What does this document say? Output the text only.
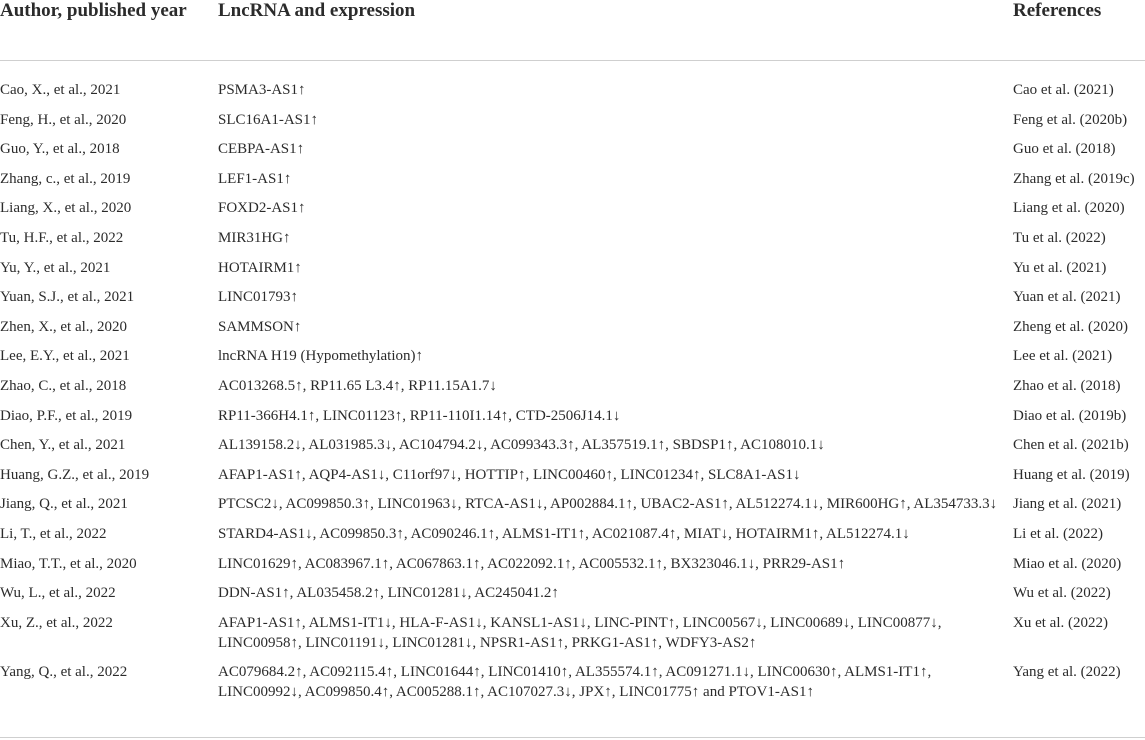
Author, published year	LncRNA and expression	References
Cao, X., et al., 2021	PSMA3-AS1↑	Cao et al. (2021)
Feng, H., et al., 2020	SLC16A1-AS1↑	Feng et al. (2020b)
Guo, Y., et al., 2018	CEBPA-AS1↑	Guo et al. (2018)
Zhang, c., et al., 2019	LEF1-AS1↑	Zhang et al. (2019c)
Liang, X., et al., 2020	FOXD2-AS1↑	Liang et al. (2020)
Tu, H.F., et al., 2022	MIR31HG↑	Tu et al. (2022)
Yu, Y., et al., 2021	HOTAIRM1↑	Yu et al. (2021)
Yuan, S.J., et al., 2021	LINC01793↑	Yuan et al. (2021)
Zhen, X., et al., 2020	SAMMSON↑	Zheng et al. (2020)
Lee, E.Y., et al., 2021	lncRNA H19 (Hypomethylation)↑	Lee et al. (2021)
Zhao, C., et al., 2018	AC013268.5↑, RP11.65 L3.4↑, RP11.15A1.7↓	Zhao et al. (2018)
Diao, P.F., et al., 2019	RP11-366H4.1↑, LINC01123↑, RP11-110I1.14↑, CTD-2506J14.1↓	Diao et al. (2019b)
Chen, Y., et al., 2021	AL139158.2↓, AL031985.3↓, AC104794.2↓, AC099343.3↑, AL357519.1↑, SBDSP1↑, AC108010.1↓	Chen et al. (2021b)
Huang, G.Z., et al., 2019	AFAP1-AS1↑, AQP4-AS1↓, C11orf97↓, HOTTIP↑, LINC00460↑, LINC01234↑, SLC8A1-AS1↓	Huang et al. (2019)
Jiang, Q., et al., 2021	PTCSC2↓, AC099850.3↑, LINC01963↓, RTCA-AS1↓, AP002884.1↑, UBAC2-AS1↑, AL512274.1↓, MIR600HG↑, AL354733.3↓	Jiang et al. (2021)
Li, T., et al., 2022	STARD4-AS1↓, AC099850.3↑, AC090246.1↑, ALMS1-IT1↑, AC021087.4↑, MIAT↓, HOTAIRM1↑, AL512274.1↓	Li et al. (2022)
Miao, T.T., et al., 2020	LINC01629↑, AC083967.1↑, AC067863.1↑, AC022092.1↑, AC005532.1↑, BX323046.1↓, PRR29-AS1↑	Miao et al. (2020)
Wu, L., et al., 2022	DDN-AS1↑, AL035458.2↑, LINC01281↓, AC245041.2↑	Wu et al. (2022)
Xu, Z., et al., 2022	AFAP1-AS1↑, ALMS1-IT1↓, HLA-F-AS1↓, KANSL1-AS1↓, LINC-PINT↑, LINC00567↓, LINC00689↓, LINC00877↓, LINC00958↑, LINC01191↓, LINC01281↓, NPSR1-AS1↑, PRKG1-AS1↑, WDFY3-AS2↑	Xu et al. (2022)
Yang, Q., et al., 2022	AC079684.2↑, AC092115.4↑, LINC01644↑, LINC01410↑, AL355574.1↑, AC091271.1↓, LINC00630↑, ALMS1-IT1↑, LINC00992↓, AC099850.4↑, AC005288.1↑, AC107027.3↓, JPX↑, LINC01775↑ and PTOV1-AS1↑	Yang et al. (2022)
